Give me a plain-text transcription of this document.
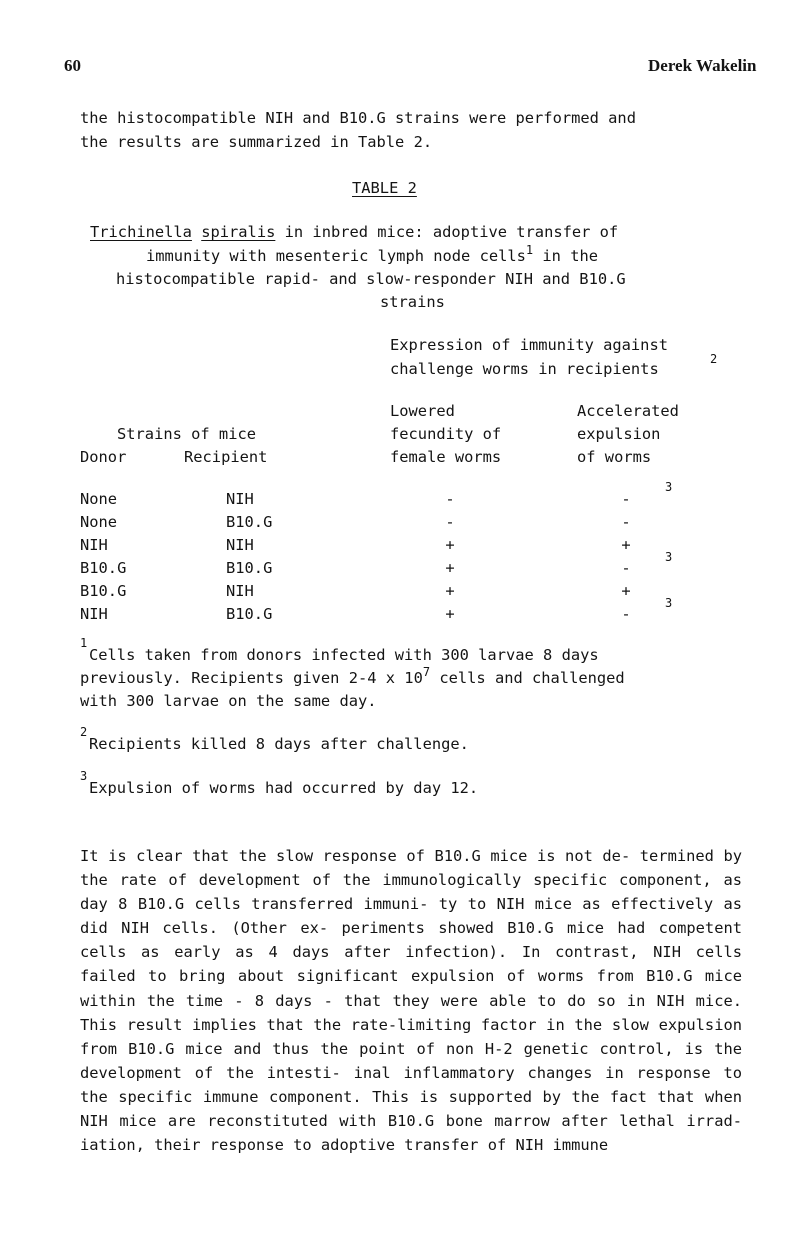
60	Derek Wakelin
the histocompatible NIH and B10.G strains were performed and
the results are summarized in Table 2.
TABLE 2
Trichinella spiralis in inbred mice: adoptive transfer of
immunity with mesenteric lymph node cells$^1$ in the
histocompatible rapid- and slow-responder NIH and B10.G
strains
Expression of immunity against
challenge worms in recipients
2
Strains of mice
Donor	Recipient
Lowered
fecundity of
female worms
Accelerated
expulsion
of worms
None	NIH	-	-
3
None	B10.G	-	-
NIH	NIH	+	+
B10.G	B10.G	+	-
3
B10.G	NIH	+	+
NIH	B10.G	+	-
3
1
Cells taken from donors infected with 300 larvae 8 days
previously. Recipients given 2-4 x $10^7$ cells and challenged
with 300 larvae on the same day.
2
Recipients killed 8 days after challenge.
3
Expulsion of worms had occurred by day 12.
It is clear that the slow response of B10.G mice is not de- termined by the rate of development of the immunologically specific component, as day 8 B10.G cells transferred immuni- ty to NIH mice as effectively as did NIH cells. (Other ex- periments showed B10.G mice had competent cells as early as 4 days after infection). In contrast, NIH cells failed to bring about significant expulsion of worms from B10.G mice within the time - 8 days - that they were able to do so in NIH mice. This result implies that the rate-limiting factor in the slow expulsion from B10.G mice and thus the point of non H-2 genetic control, is the development of the intesti- inal inflammatory changes in response to the specific immune component. This is supported by the fact that when NIH mice are reconstituted with B10.G bone marrow after lethal irrad- iation, their response to adoptive transfer of NIH immune
